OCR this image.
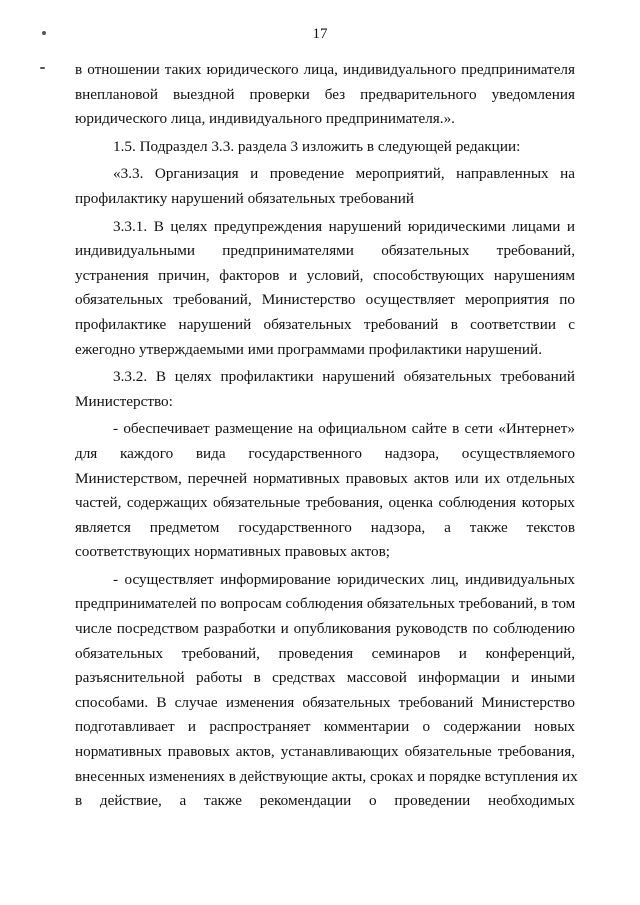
17
в отношении таких юридического лица, индивидуального предпринимателя
внеплановой выездной проверки без предварительного уведомления
юридического лица, индивидуального предпринимателя.».
1.5. Подраздел 3.3. раздела 3 изложить в следующей редакции:
«3.3. Организация и проведение мероприятий, направленных на
профилактику нарушений обязательных требований
3.3.1. В целях предупреждения нарушений юридическими лицами и
индивидуальными предпринимателями обязательных требований,
устранения причин, факторов и условий, способствующих нарушениям
обязательных требований, Министерство осуществляет мероприятия по
профилактике нарушений обязательных требований в соответствии с
ежегодно утверждаемыми ими программами профилактики нарушений.
3.3.2. В целях профилактики нарушений обязательных требований
Министерство:
- обеспечивает размещение на официальном сайте в сети «Интернет»
для каждого вида государственного надзора, осуществляемого
Министерством, перечней нормативных правовых актов или их отдельных
частей, содержащих обязательные требования, оценка соблюдения которых
является предметом государственного надзора, а также текстов
соответствующих нормативных правовых актов;
- осуществляет информирование юридических лиц, индивидуальных
предпринимателей по вопросам соблюдения обязательных требований, в том
числе посредством разработки и опубликования руководств по соблюдению
обязательных требований, проведения семинаров и конференций,
разъяснительной работы в средствах массовой информации и иными
способами. В случае изменения обязательных требований Министерство
подготавливает и распространяет комментарии о содержании новых
нормативных правовых актов, устанавливающих обязательные требования,
внесенных изменениях в действующие акты, сроках и порядке вступления их
в действие, а также рекомендации о проведении необходимых
